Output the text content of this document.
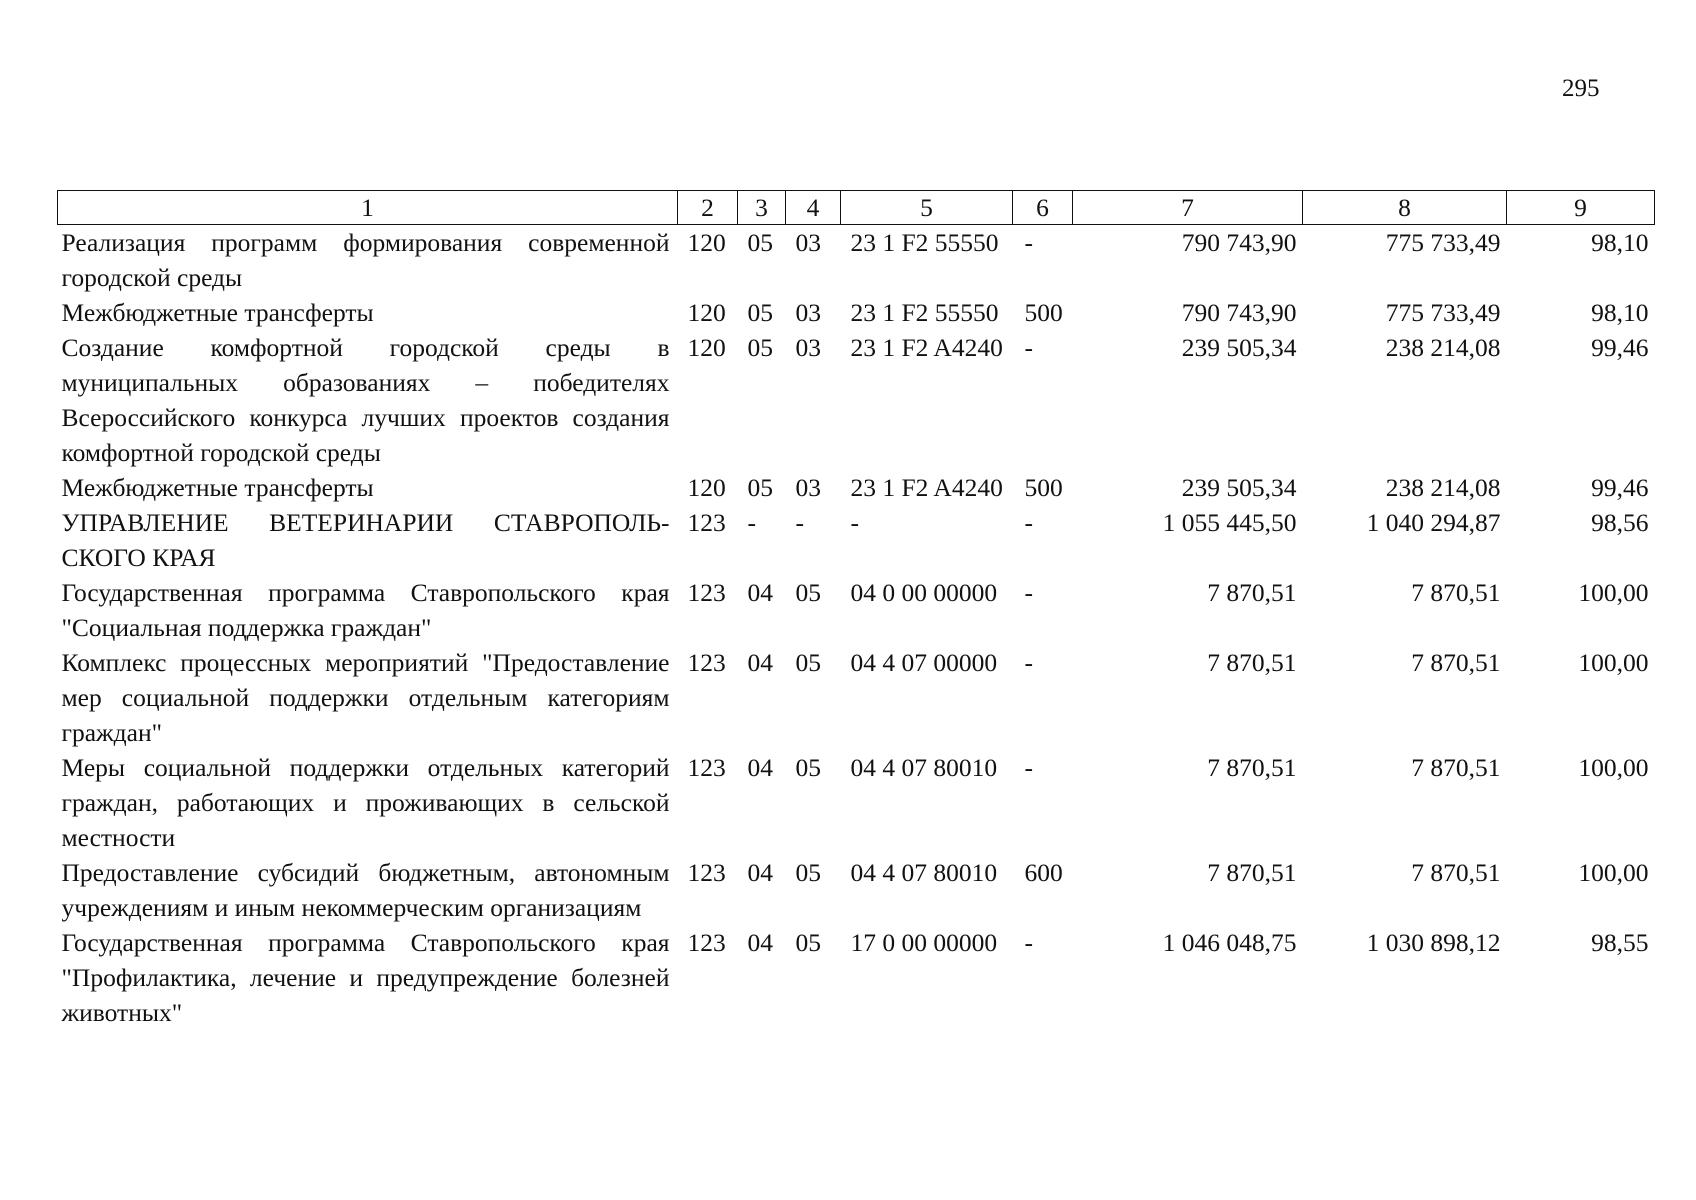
295
1	2	3	4	5	6	7	8	9
Реализация программ формирования современной городской среды	120	05	03	23 1 F2 55550	-	790 743,90	775 733,49	98,10
Межбюджетные трансферты	120	05	03	23 1 F2 55550	500	790 743,90	775 733,49	98,10
Создание комфортной городской среды в муниципальных образованиях – победителях Всероссийского конкурса лучших проектов создания комфортной городской среды	120	05	03	23 1 F2 A4240	-	239 505,34	238 214,08	99,46
Межбюджетные трансферты	120	05	03	23 1 F2 A4240	500	239 505,34	238 214,08	99,46
УПРАВЛЕНИЕ ВЕТЕРИНАРИИ СТАВРОПОЛЬ-СКОГО КРАЯ	123	-	-	-	-	1 055 445,50	1 040 294,87	98,56
Государственная программа Ставропольского края "Социальная поддержка граждан"	123	04	05	04 0 00 00000	-	7 870,51	7 870,51	100,00
Комплекс процессных мероприятий "Предоставление мер социальной поддержки отдельным категориям граждан"	123	04	05	04 4 07 00000	-	7 870,51	7 870,51	100,00
Меры социальной поддержки отдельных категорий граждан, работающих и проживающих в сельской местности	123	04	05	04 4 07 80010	-	7 870,51	7 870,51	100,00
Предоставление субсидий бюджетным, автономным учреждениям и иным некоммерческим организациям	123	04	05	04 4 07 80010	600	7 870,51	7 870,51	100,00
Государственная программа Ставропольского края "Профилактика, лечение и предупреждение болезней животных"	123	04	05	17 0 00 00000	-	1 046 048,75	1 030 898,12	98,55
